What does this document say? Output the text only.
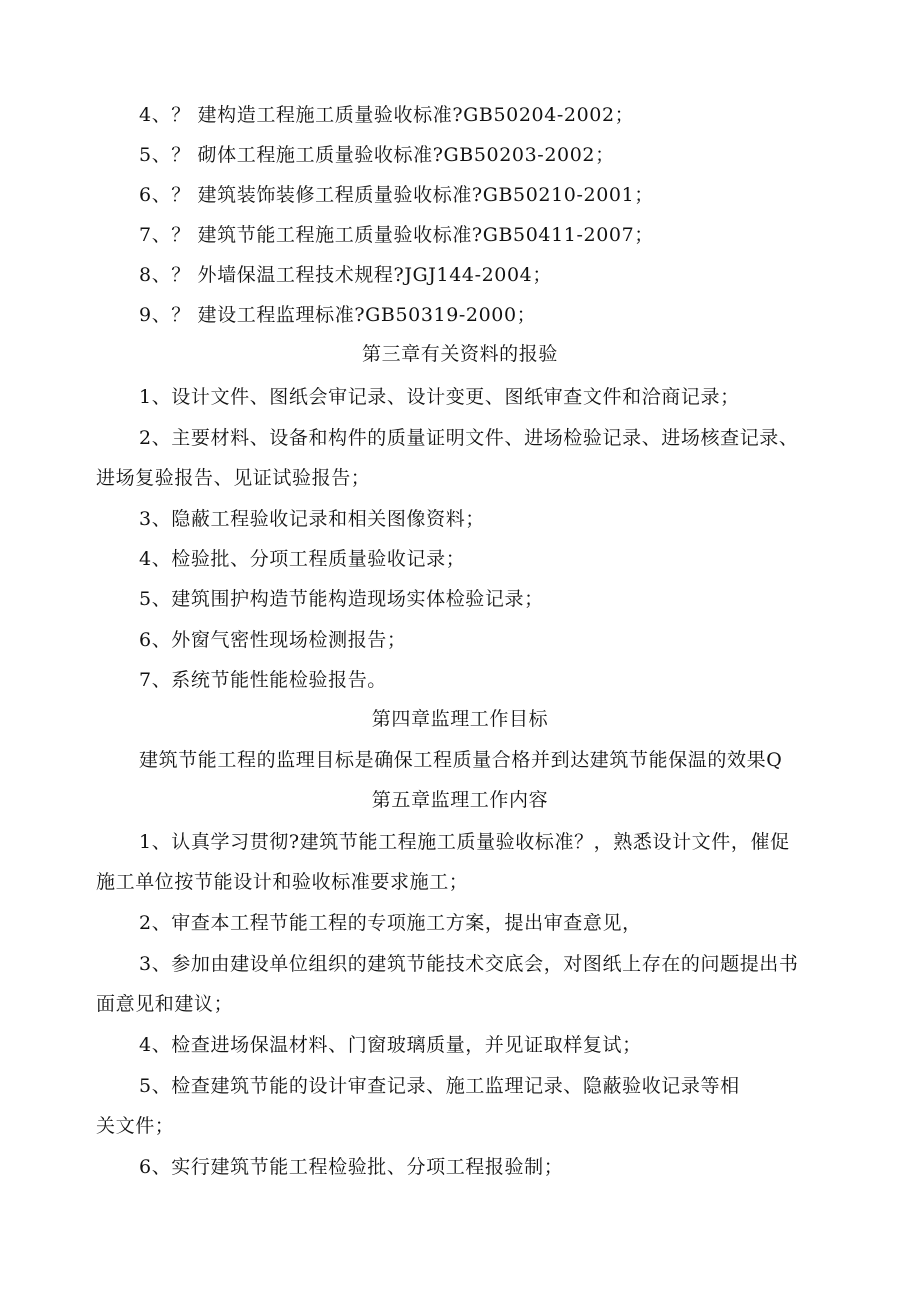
4、？ 建构造工程施工质量验收标准?GB50204-2002；
5、？ 砌体工程施工质量验收标准?GB50203-2002；
6、？ 建筑装饰装修工程质量验收标准?GB50210-2001；
7、？ 建筑节能工程施工质量验收标准?GB50411-2007；
8、？ 外墙保温工程技术规程?JGJ144-2004；
9、？ 建设工程监理标准?GB50319-2000；
第三章有关资料的报验
1、设计文件、图纸会审记录、设计变更、图纸审查文件和洽商记录；
2、主要材料、设备和构件的质量证明文件、进场检验记录、进场核查记录、
进场复验报告、见证试验报告；
3、隐蔽工程验收记录和相关图像资料；
4、检验批、分项工程质量验收记录；
5、建筑围护构造节能构造现场实体检验记录；
6、外窗气密性现场检测报告；
7、系统节能性能检验报告。
第四章监理工作目标
建筑节能工程的监理目标是确保工程质量合格并到达建筑节能保温的效果Q
第五章监理工作内容
1、认真学习贯彻?建筑节能工程施工质量验收标准？，熟悉设计文件，催促
施工单位按节能设计和验收标准要求施工；
2、审查本工程节能工程的专项施工方案，提出审查意见，
3、参加由建设单位组织的建筑节能技术交底会，对图纸上存在的问题提出书
面意见和建议；
4、检查进场保温材料、门窗玻璃质量，并见证取样复试；
5、检查建筑节能的设计审查记录、施工监理记录、隐蔽验收记录等相
关文件；
6、实行建筑节能工程检验批、分项工程报验制；
